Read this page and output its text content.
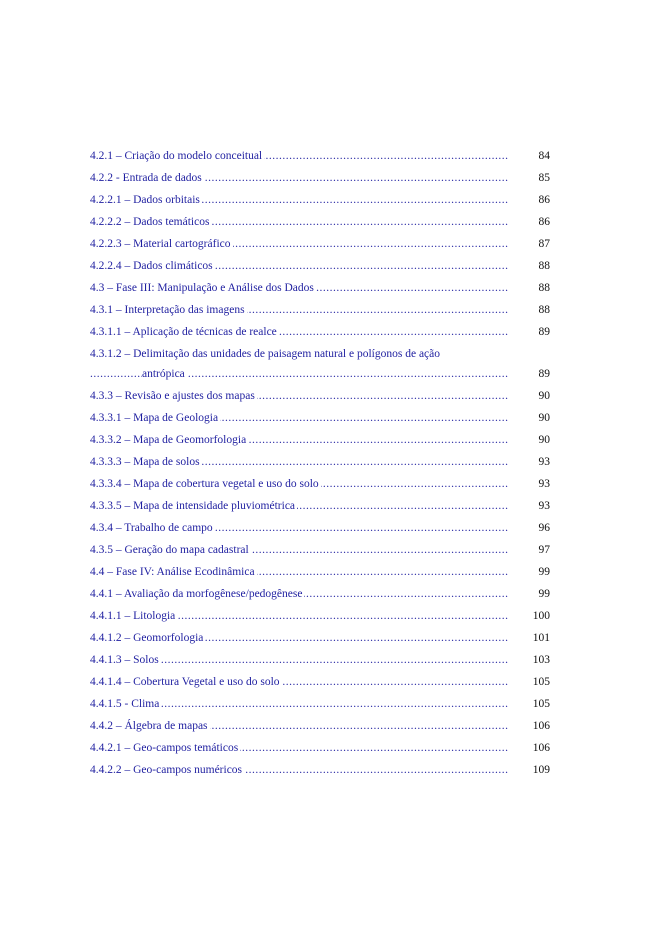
.....
4.2.1 – Criação do modelo conceitual	84
.....
4.2.2 - Entrada de dados	85
.....
4.2.2.1 – Dados orbitais	86
.....
4.2.2.2 – Dados temáticos	86
.....
4.2.2.3 – Material cartográfico	87
.....
4.2.2.4 – Dados climáticos	88
.....
4.3 – Fase III: Manipulação e Análise dos Dados	88
.....
4.3.1 – Interpretação das imagens	88
.....
4.3.1.1 – Aplicação de técnicas de realce	89
4.3.1.2 – Delimitação das unidades de paisagem natural e polígonos de ação
.....
antrópica	89
.....
4.3.3 – Revisão e ajustes dos mapas	90
.....
4.3.3.1 – Mapa de Geologia	90
.....
4.3.3.2 – Mapa de Geomorfologia	90
.....
4.3.3.3 – Mapa de solos	93
.....
4.3.3.4 – Mapa de cobertura vegetal e uso do solo	93
.....
4.3.3.5 – Mapa de intensidade pluviométrica	93
.....
4.3.4 – Trabalho de campo	96
.....
4.3.5 – Geração do mapa cadastral	97
.....
4.4 – Fase IV: Análise Ecodinâmica	99
.....
4.4.1 – Avaliação da morfogênese/pedogênese	99
.....
4.4.1.1 – Litologia	100
.....
4.4.1.2 – Geomorfologia	101
.....
4.4.1.3 – Solos	103
.....
4.4.1.4 – Cobertura Vegetal e uso do solo	105
.....
4.4.1.5 - Clima	105
.....
4.4.2 – Álgebra de mapas	106
.....
4.4.2.1 – Geo-campos temáticos	106
.....
4.4.2.2 – Geo-campos numéricos	109
